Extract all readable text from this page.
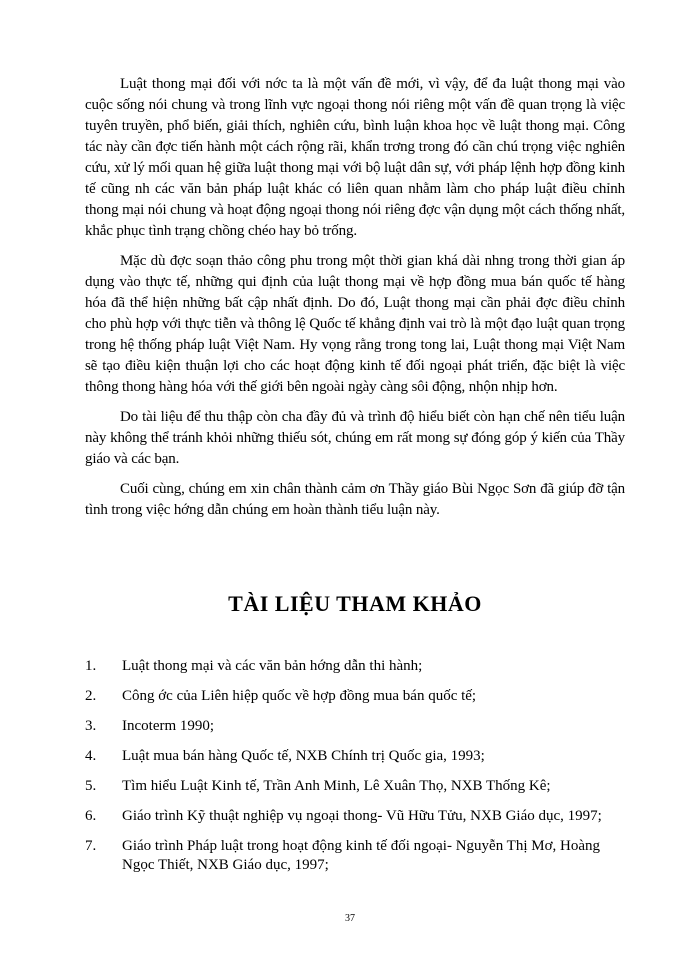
Luật thong mại đối với nớc ta là một vấn đề mới, vì vậy, để đa luật thong mại vào cuộc sống nói chung và trong lĩnh vực ngoại thong nói riêng một vấn đề quan trọng là việc tuyên truyền, phổ biến, giải thích, nghiên cứu, bình luận khoa học về luật thong mại. Công tác này cần đợc tiến hành một cách rộng rãi, khẩn trơng trong đó cần chú trọng việc nghiên cứu, xử lý mối quan hệ giữa luật thong mại với bộ luật dân sự, với pháp lệnh hợp đồng kinh tế cũng nh các văn bản pháp luật khác có liên quan nhằm làm cho pháp luật điều chỉnh thong mại nói chung và hoạt động ngoại thong nói riêng đợc vận dụng một cách thống nhất, khắc phục tình trạng chồng chéo hay bỏ trống.

Mặc dù đợc soạn thảo công phu trong một thời gian khá dài nhng trong thời gian áp dụng vào thực tế, những qui định của luật thong mại về hợp đồng mua bán quốc tế hàng hóa đã thể hiện những bất cập nhất định. Do đó, Luật thong mại cần phải đợc điều chỉnh cho phù hợp với thực tiễn và thông lệ Quốc tế khẳng định vai trò là một đạo luật quan trọng trong hệ thống pháp luật Việt Nam. Hy vọng rằng trong tong lai, Luật thong mại Việt Nam sẽ tạo điều kiện thuận lợi cho các hoạt động kinh tế đối ngoại phát triển, đặc biệt là việc thông thong hàng hóa với thế giới bên ngoài ngày càng sôi động, nhộn nhịp hơn.

Do tài liệu để thu thập còn cha đầy đủ và trình độ hiểu biết còn hạn chế nên tiểu luận này không thể tránh khỏi những thiếu sót, chúng em rất mong sự đóng góp ý kiến của Thầy giáo và các bạn.

Cuối cùng, chúng em xin chân thành cảm ơn Thầy giáo Bùi Ngọc Sơn đã giúp đỡ tận tình trong việc hớng dẫn chúng em hoàn thành tiểu luận này.

TÀI LIỆU THAM KHẢO
1.	Luật thong mại và các văn bản hớng dẫn thi hành;
2.	Công ớc của Liên hiệp quốc về hợp đồng mua bán quốc tế;
3.	Incoterm 1990;
4.	Luật mua bán hàng Quốc tế, NXB Chính trị Quốc gia, 1993;
5.	Tìm hiểu Luật Kinh tế, Trần Anh Minh, Lê Xuân Thọ, NXB Thống Kê;
6.	Giáo trình Kỹ thuật nghiệp vụ ngoại thong- Vũ Hữu Tửu, NXB Giáo dục, 1997;
7.	Giáo trình Pháp luật trong hoạt động kinh tế đối ngoại- Nguyễn Thị Mơ, Hoàng Ngọc Thiết, NXB Giáo dục, 1997;
37
